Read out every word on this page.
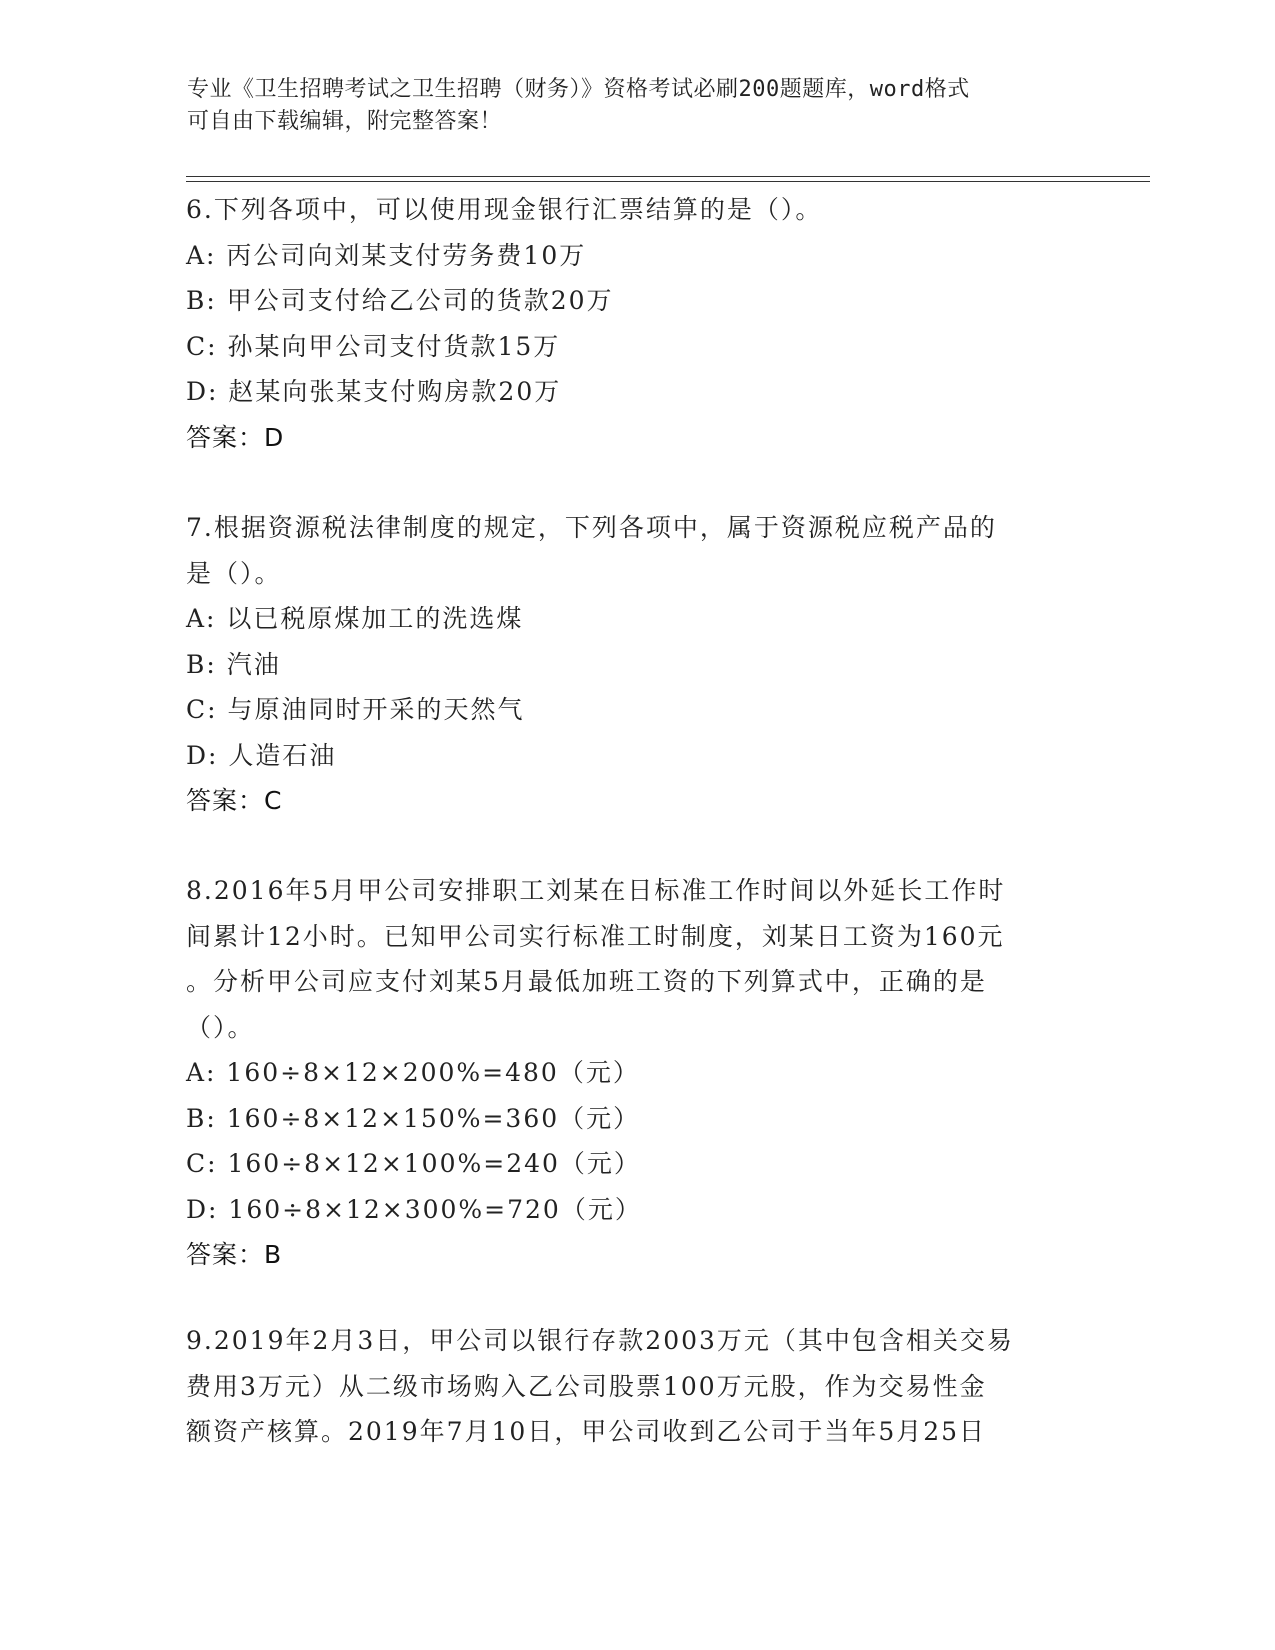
专业《卫生招聘考试之卫生招聘（财务）》资格考试必刷200题题库，word格式
可自由下载编辑，附完整答案！
6.下列各项中，可以使用现金银行汇票结算的是（）。
A: 丙公司向刘某支付劳务费10万
B: 甲公司支付给乙公司的货款20万
C: 孙某向甲公司支付货款15万
D: 赵某向张某支付购房款20万
答案：D
7.根据资源税法律制度的规定，下列各项中，属于资源税应税产品的
是（）。
A: 以已税原煤加工的洗选煤
B: 汽油
C: 与原油同时开采的天然气
D: 人造石油
答案：C
8.2016年5月甲公司安排职工刘某在日标准工作时间以外延长工作时
间累计12小时。已知甲公司实行标准工时制度，刘某日工资为160元
。分析甲公司应支付刘某5月最低加班工资的下列算式中，正确的是
（）。
A: 160÷8×12×200%=480（元）
B: 160÷8×12×150%=360（元）
C: 160÷8×12×100%=240（元）
D: 160÷8×12×300%=720（元）
答案：B
9.2019年2月3日，甲公司以银行存款2003万元（其中包含相关交易
费用3万元）从二级市场购入乙公司股票100万元股，作为交易性金
额资产核算。2019年7月10日，甲公司收到乙公司于当年5月25日
